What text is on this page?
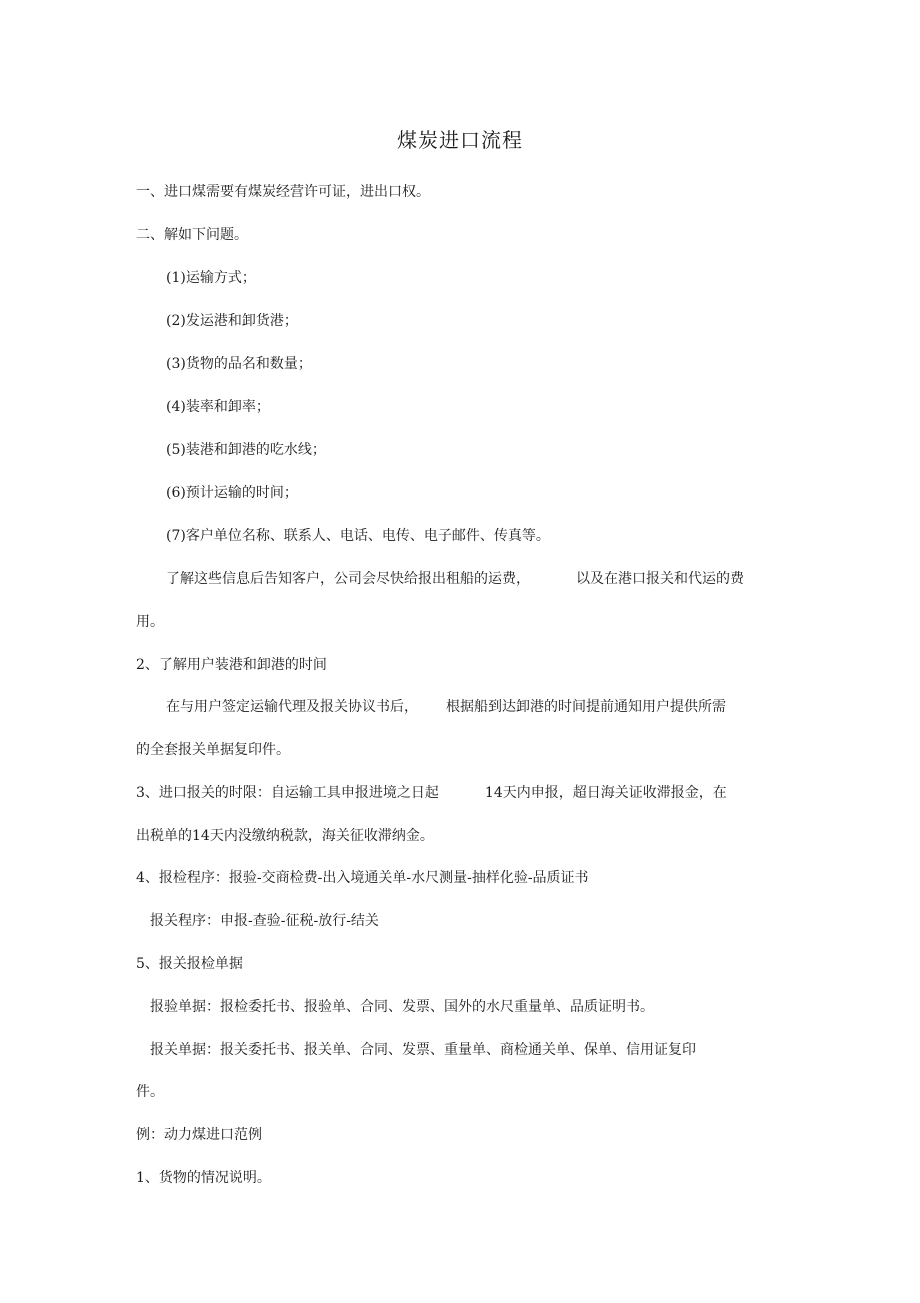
煤炭进口流程
一、进口煤需要有煤炭经营许可证，进出口权。
二、解如下问题。
(1)运输方式；
(2)发运港和卸货港；
(3)货物的品名和数量；
(4)装率和卸率；
(5)装港和卸港的吃水线；
(6)预计运输的时间；
(7)客户单位名称、联系人、电话、电传、电子邮件、传真等。
了解这些信息后告知客户，公司会尽快给报出租船的运费，	以及在港口报关和代运的费
用。
2、了解用户装港和卸港的时间
在与用户签定运输代理及报关协议书后， 根据船到达卸港的时间提前通知用户提供所需
的全套报关单据复印件。
3、进口报关的时限：自运输工具申报进境之日起	14天内申报，超日海关证收滞报金，在
出税单的14天内没缴纳税款，海关征收滞纳金。
4、报检程序：报验-交商检费-出入境通关单-水尺测量-抽样化验-品质证书
报关程序：申报-查验-征税-放行-结关
5、报关报检单据
报验单据：报检委托书、报验单、合同、发票、国外的水尺重量单、品质证明书。
报关单据：报关委托书、报关单、合同、发票、重量单、商检通关单、保单、信用证复印
件。
例：动力煤进口范例
1、货物的情况说明。
